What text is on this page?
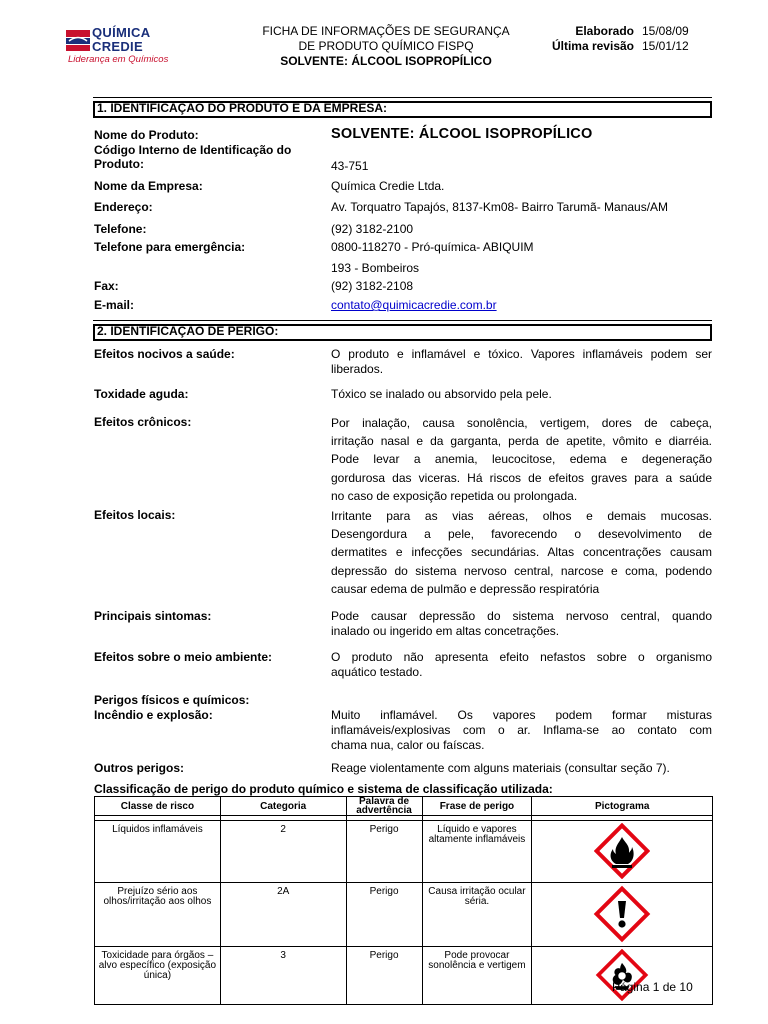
QUÍMICA
CREDIE
Liderança em Químicos
FICHA DE INFORMAÇÕES DE SEGURANÇA DE PRODUTO QUÍMICO FISPQ
SOLVENTE: ÁLCOOL ISOPROPÍLICO
Elaborado 15/08/09
Última revisão 15/01/12
1. IDENTIFICAÇÃO DO PRODUTO E DA EMPRESA:
Nome do Produto:	SOLVENTE: ÁLCOOL ISOPROPÍLICO
Código Interno de Identificação do Produto:	43-751
Nome da Empresa:	Química Credie Ltda.
Endereço:	Av. Torquatro Tapajós, 8137-Km08- Bairro Tarumã- Manaus/AM
Telefone:	(92) 3182-2100
Telefone para emergência:	0800-118270 - Pró-química- ABIQUIM
193 - Bombeiros
Fax:	(92) 3182-2108
E-mail:	contato@quimicacredie.com.br
2. IDENTIFICAÇÃO DE PERIGO:
Efeitos nocivos a saúde:	O produto e inflamável e tóxico. Vapores inflamáveis podem ser
liberados.
Toxidade aguda:	Tóxico se inalado ou absorvido pela pele.
Efeitos crônicos:	Por inalação, causa sonolência, vertigem, dores de cabeça,
irritação nasal e da garganta, perda de apetite, vômito e diarréia.
Pode levar a anemia, leucocitose, edema e degeneração
gordurosa das viceras. Há riscos de efeitos graves para a saúde
no caso de exposição repetida ou prolongada.
Efeitos locais:	Irritante para as vias aéreas, olhos e demais mucosas.
Desengordura a pele, favorecendo o desevolvimento de
dermatites e infecções secundárias. Altas concentrações causam
depressão do sistema nervoso central, narcose e coma, podendo
causar edema de pulmão e depressão respiratória
Principais sintomas:	Pode causar depressão do sistema nervoso central, quando
inalado ou ingerido em altas concetrações.
Efeitos sobre o meio ambiente:	O produto não apresenta efeito nefastos sobre o organismo
aquático testado.
Perigos físicos e químicos:
Incêndio e explosão:	Muito inflamável. Os vapores podem formar misturas
inflamáveis/explosivas com o ar. Inflama-se ao contato com
chama nua, calor ou faíscas.
Outros perigos:	Reage violentamente com alguns materiais (consultar seção 7).
Classificação de perigo do produto químico e sistema de classificação utilizada:
Classe de risco	Categoria	Palavra de advertência	Frase de perigo	Pictograma

Líquidos inflamáveis	2	Perigo	Líquido e vapores altamente inflamáveis	
Prejuízo sério aos olhos/irritação aos olhos	2A	Perigo	Causa irritação ocular séria.	
Toxicidade para órgãos – alvo específico (exposição única)	3	Perigo	Pode provocar sonolência e vertigem	
Página 1 de 10
